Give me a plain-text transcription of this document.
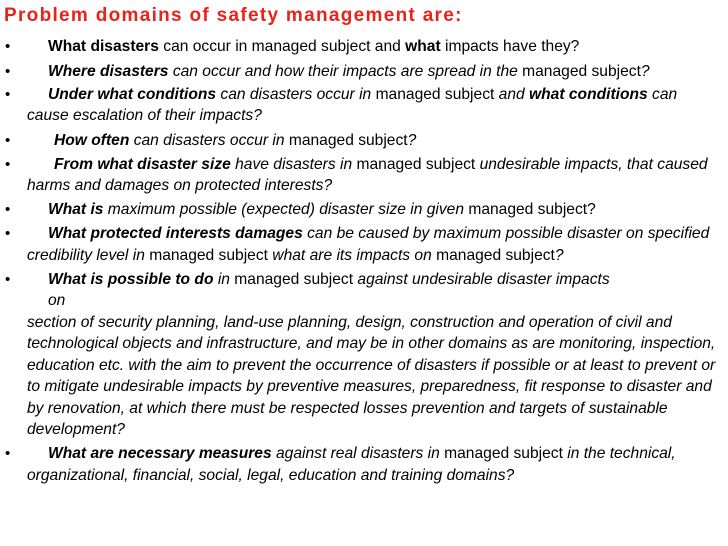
Problem domains of safety management are:
• What disasters can occur in managed subject and what impacts have they?
• Where disasters can occur and how their impacts are spread in the managed subject?
• Under what conditions can disasters occur in managed subject and what conditions can cause escalation of their impacts?
•	How often can disasters occur in managed subject?
•	From what disaster size have disasters in managed subject undesirable impacts, that caused harms and damages on protected interests?
• What is maximum possible (expected) disaster size in given managed subject?
• What protected interests damages can be caused by maximum possible disaster on specified credibility level in managed subject what are its impacts on managed subject?
• What is possible to do in managed subject against undesirable disaster impacts
on
section of security planning, land-use planning, design, construction and operation of civil and technological objects and infrastructure, and may be in other domains as are monitoring, inspection, education etc. with the aim to prevent the occurrence of disasters if possible or at least to prevent or to mitigate undesirable impacts by preventive measures, preparedness, fit response to disaster and by renovation, at which there must be respected losses prevention and targets of sustainable development?
• What are necessary measures against real disasters in managed subject in the technical, organizational, financial, social, legal, education and training domains?
